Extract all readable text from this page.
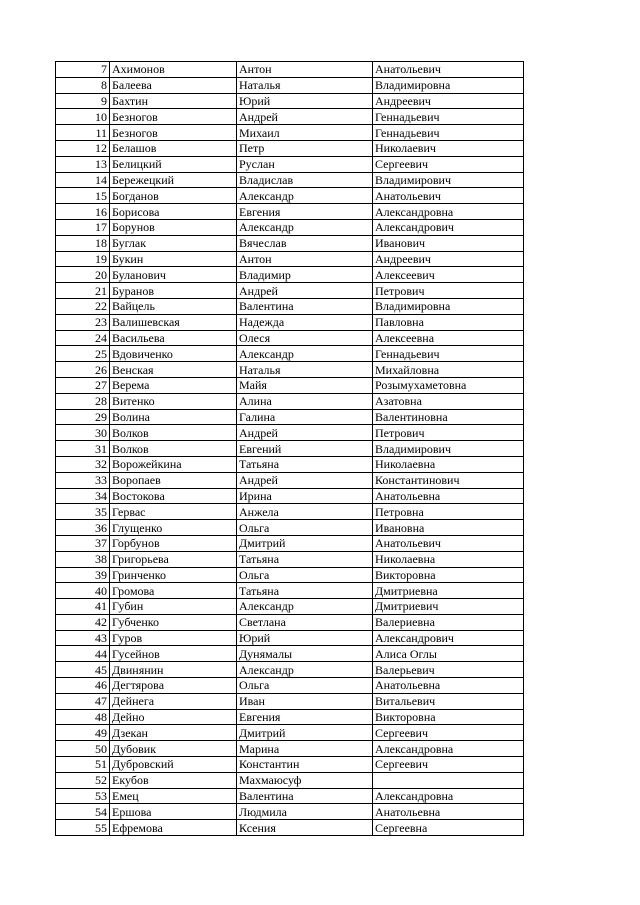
7	Ахимонов	Антон	Анатольевич
8	Балеева	Наталья	Владимировна
9	Бахтин	Юрий	Андреевич
10	Безногов	Андрей	Геннадьевич
11	Безногов	Михаил	Геннадьевич
12	Белашов	Петр	Николаевич
13	Белицкий	Руслан	Сергеевич
14	Бережецкий	Владислав	Владимирович
15	Богданов	Александр	Анатольевич
16	Борисова	Евгения	Александровна
17	Борунов	Александр	Александрович
18	Буглак	Вячеслав	Иванович
19	Букин	Антон	Андреевич
20	Буланович	Владимир	Алексеевич
21	Буранов	Андрей	Петрович
22	Вайцель	Валентина	Владимировна
23	Валишевская	Надежда	Павловна
24	Васильева	Олеся	Алексеевна
25	Вдовиченко	Александр	Геннадьевич
26	Венская	Наталья	Михайловна
27	Верема	Майя	Розымухаметовна
28	Витенко	Алина	Азатовна
29	Волина	Галина	Валентиновна
30	Волков	Андрей	Петрович
31	Волков	Евгений	Владимирович
32	Ворожейкина	Татьяна	Николаевна
33	Воропаев	Андрей	Константинович
34	Востокова	Ирина	Анатольевна
35	Гервас	Анжела	Петровна
36	Глущенко	Ольга	Ивановна
37	Горбунов	Дмитрий	Анатольевич
38	Григорьева	Татьяна	Николаевна
39	Гринченко	Ольга	Викторовна
40	Громова	Татьяна	Дмитриевна
41	Губин	Александр	Дмитриевич
42	Губченко	Светлана	Валериевна
43	Гуров	Юрий	Александрович
44	Гусейнов	Дунямалы	Алиса Оглы
45	Двинянин	Александр	Валерьевич
46	Дегтярова	Ольга	Анатольевна
47	Дейнега	Иван	Витальевич
48	Дейно	Евгения	Викторовна
49	Дзекан	Дмитрий	Сергеевич
50	Дубовик	Марина	Александровна
51	Дубровский	Константин	Сергеевич
52	Екубов	Махмаюсуф	
53	Емец	Валентина	Александровна
54	Ершова	Людмила	Анатольевна
55	Ефремова	Ксения	Сергеевна
